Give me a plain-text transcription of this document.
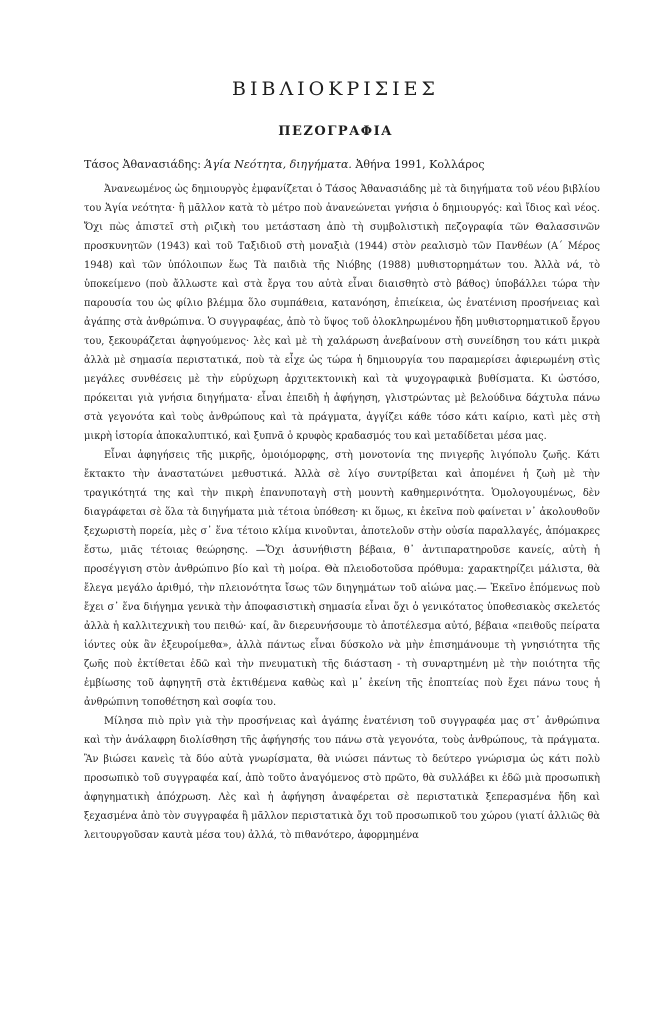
ΒΙΒΛΙΟΚΡΙΣΙΕΣ
ΠΕΖΟΓΡΑΦΙΑ

Τάσος Ἀθανασιάδης: Ἁγία Νεότητα, διηγήματα. Ἀθήνα 1991, Κολλάρος

Ἀνανεωμένος ὡς δημιουργὸς ἐμφανίζεται ὁ Τάσος Ἀθανασιάδης μὲ τὰ διηγήματα τοῦ νέου βιβλίου του Ἁγία νεότητα· ἢ μᾶλλον κατὰ τὸ μέτρο ποὺ ἀνανεώνεται γνήσια ὁ δημιουργός: καὶ ἴδιος καὶ νέος. Ὄχι πὼς ἀπιστεῖ στὴ ριζικὴ του μετάσταση ἀπὸ τὴ συμβολιστικὴ πεζογραφία τῶν Θαλασσινῶν προσκυνητῶν (1943) καὶ τοῦ Ταξιδιοῦ στὴ μοναξιὰ (1944) στὸν ρεαλισμὸ τῶν Πανθέων (Α΄ Μέρος 1948) καὶ τῶν ὑπόλοιπων ἕως Τὰ παιδιὰ τῆς Νιόβης (1988) μυθιστορημάτων του. Ἀλλὰ νά, τὸ ὑποκείμενο (ποὺ ἄλλωστε καὶ στὰ ἔργα του αὐτὰ εἶναι διαισθητὸ στὸ βάθος) ὑποβάλλει τώρα τὴν παρουσία του ὡς φίλιο βλέμμα ὅλο συμπάθεια, κατανόηση, ἐπιείκεια, ὡς ἐνατένιση προσήνειας καὶ ἀγάπης στὰ ἀνθρώπινα. Ὁ συγγραφέας, ἀπὸ τὸ ὕψος τοῦ ὁλοκληρωμένου ἤδη μυθιστορηματικοῦ ἔργου του, ξεκουράζεται ἀφηγούμενος· λὲς καὶ μὲ τὴ χαλάρωση ἀνεβαίνουν στὴ συνείδηση του κάτι μικρὰ ἀλλὰ μὲ σημασία περιστατικά, ποὺ τὰ εἶχε ὡς τώρα ἡ δημιουργία του παραμερίσει ἀφιερωμένη στὶς μεγάλες συνθέσεις μὲ τὴν εὐρύχωρη ἀρχιτεκτονικὴ καὶ τὰ ψυχογραφικὰ βυθίσματα. Κι ὡστόσο, πρόκειται γιὰ γνήσια διηγήματα· εἶναι ἐπειδὴ ἡ ἀφήγηση, γλιστρώντας μὲ βελούδινα δάχτυλα πάνω στὰ γεγονότα καὶ τοὺς ἀνθρώπους καὶ τὰ πράγματα, ἀγγίζει κάθε τόσο κάτι καίριο, κατὶ μὲς στὴ μικρὴ ἱστορία ἀποκαλυπτικό, καὶ ξυπνᾶ ὁ κρυφὸς κραδασμός του καὶ μεταδίδεται μέσα μας.

Εἶναι ἀφηγήσεις τῆς μικρῆς, ὁμοιόμορφης, στὴ μονοτονία της πνιγερῆς λιγόπολυ ζωῆς. Κάτι ἔκτακτο τὴν ἀναστατώνει μεθυστικά. Ἀλλὰ σὲ λίγο συντρίβεται καὶ ἀπομένει ἡ ζωὴ μὲ τὴν τραγικότητά της καὶ τὴν πικρὴ ἐπανυποταγὴ στὴ μουντὴ καθημερινότητα. Ὁμολογουμένως, δὲν διαγράφεται σὲ ὅλα τὰ διηγήματα μιὰ τέτοια ὑπόθεση· κι ὅμως, κι ἐκεῖνα ποὺ φαίνεται ν᾽ ἀκολουθοῦν ξεχωριστὴ πορεία, μὲς σ᾽ ἕνα τέτοιο κλίμα κινοῦνται, ἀποτελοῦν στὴν οὐσία παραλλαγές, ἀπόμακρες ἔστω, μιᾶς τέτοιας θεώρησης. —Ὄχι ἀσυνήθιστη βέβαια, θ᾽ ἀντιπαρατηροῦσε κανείς, αὐτὴ ἡ προσέγγιση στὸν ἀνθρώπινο βίο καὶ τὴ μοίρα. Θὰ πλειοδοτοῦσα πρόθυμα: χαρακτηρίζει μάλιστα, θὰ ἔλεγα μεγάλο ἀριθμό, τὴν πλειονότητα ἴσως τῶν διηγημάτων τοῦ αἰώνα μας.— Ἐκεῖνο ἑπόμενως ποὺ ἔχει σ᾽ ἕνα διήγημα γενικὰ τὴν ἀποφασιστικὴ σημασία εἶναι ὄχι ὁ γενικότατος ὑποθεσιακὸς σκελετός ἀλλὰ ἡ καλλιτεχνικὴ του πειθώ· καί, ἂν διερευνήσουμε τὸ ἀποτέλεσμα αὐτό, βέβαια «πειθοῦς πείρατα ἰόντες οὐκ ἂν ἐξευροίμεθα», ἀλλὰ πάντως εἶναι δύσκολο νὰ μὴν ἐπισημάνουμε τὴ γνησιότητα τῆς ζωῆς ποὺ ἐκτίθεται ἐδῶ καὶ τὴν πνευματικὴ τῆς διάσταση - τὴ συναρτημένη μὲ τὴν ποιότητα τῆς ἐμβίωσης τοῦ ἀφηγητῆ στὰ ἐκτιθέμενα καθὼς καὶ μ᾽ ἐκείνη τῆς ἐποπτείας ποὺ ἔχει πάνω τους ἡ ἀνθρώπινη τοποθέτηση καὶ σοφία του.

Μίλησα πιὸ πρὶν γιὰ τὴν προσήνειας καὶ ἀγάπης ἐνατένιση τοῦ συγγραφέα μας στ᾽ ἀνθρώπινα καὶ τὴν ἀνάλαφρη διολίσθηση τῆς ἀφήγησής του πάνω στὰ γεγονότα, τοὺς ἀνθρώπους, τὰ πράγματα. Ἂν βιώσει κανεὶς τὰ δύο αὐτὰ γνωρίσματα, θὰ νιώσει πάντως τὸ δεύτερο γνώρισμα ὡς κάτι πολὺ προσωπικὸ τοῦ συγγραφέα καί, ἀπὸ τοῦτο ἀναγόμενος στὸ πρῶτο, θὰ συλλάβει κι ἐδῶ μιὰ προσωπικὴ ἀφηγηματικὴ ἀπόχρωση. Λὲς καὶ ἡ ἀφήγηση ἀναφέρεται σὲ περιστατικὰ ξεπερασμένα ἤδη καὶ ξεχασμένα ἀπὸ τὸν συγγραφέα ἢ μᾶλλον περιστατικὰ ὄχι τοῦ προσωπικοῦ του χώρου (γιατί ἀλλιῶς θὰ λειτουργοῦσαν καυτὰ μέσα του) ἀλλά, τὸ πιθανότερο, ἀφορμημένα
